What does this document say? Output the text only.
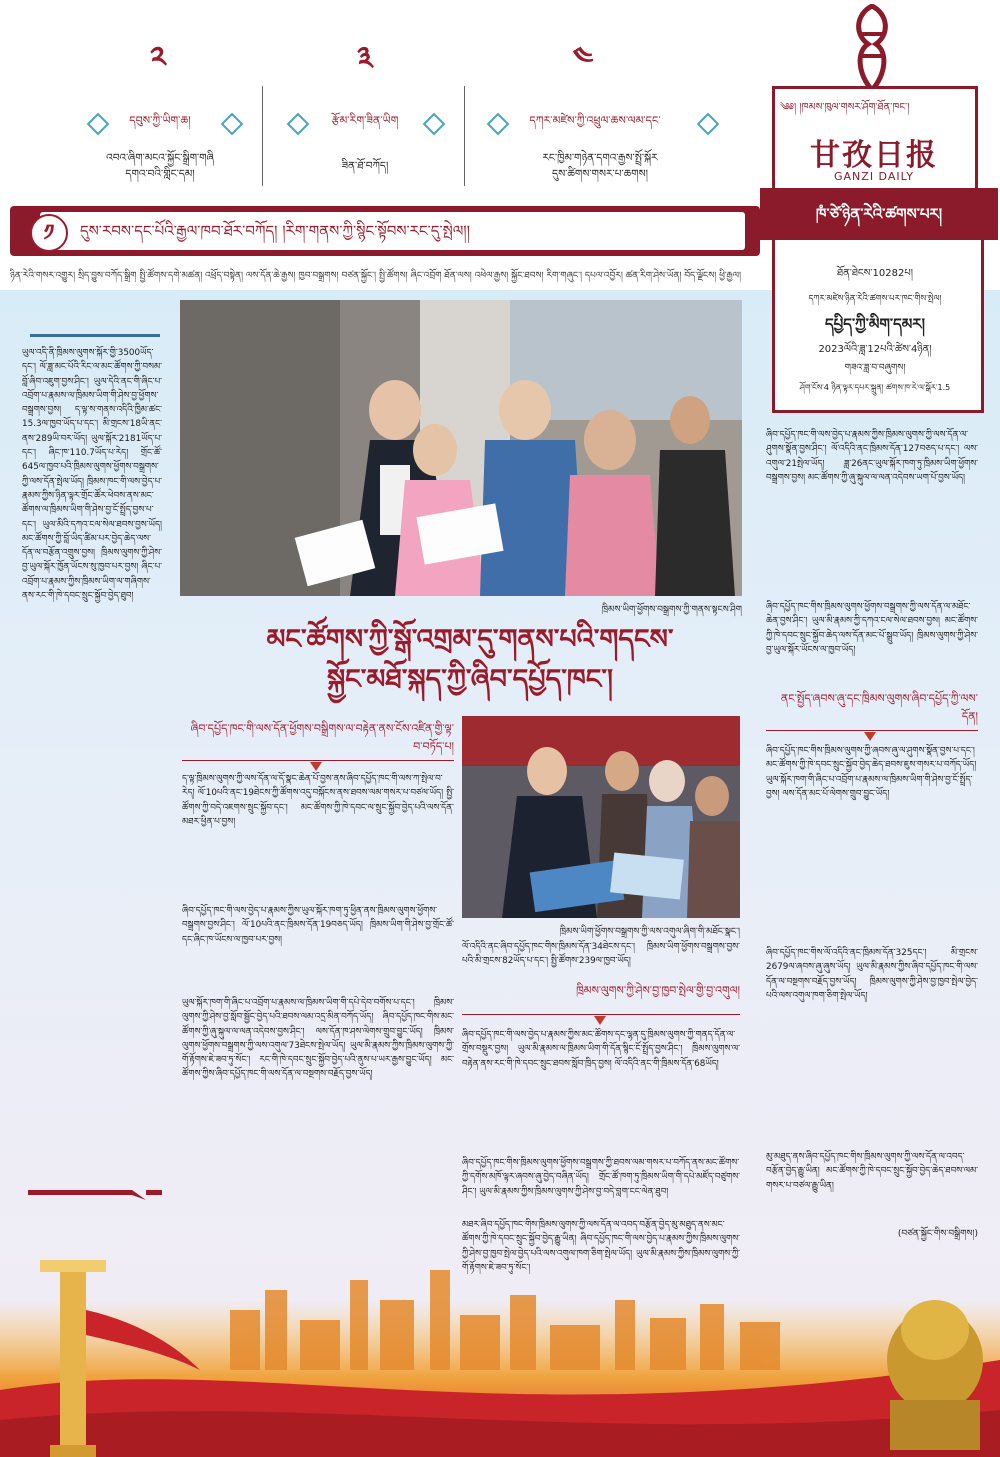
༢
དབུས་ཀྱི་ཡིག་ཆ།
འབའ་ཞིག་མངའ་སྐྱོང་སྒྲིག་གཞི
དགའ་བའི་གླིང་དམ།
༣
རྩོམ་རིག་ཟིན་ཡིག
ཟིན་ཐོ་བཀོད།
༤
དཀར་མཛེས་ཀྱི་འཕྲུལ་ཆས་ལམ་དང་
རང་ཁྱིམ་གཉེན་དགའ་རྒྱས་སྤྲོ་སྐོར
དུས་ཚིགས་གསར་པ་ཆགས།
༄༅། །ཁམས་ཁུལ་གསར་ཤོག་ཐོན་ཁང་།
甘孜日报
GANZI DAILY
ཁཾ་ཙེ་ཉིན་རེའི་ཚགས་པར།
ཐོན་ཐེངས་10282པ།
དཀར་མཛེས་ཉིན་རེའི་ཚགས་པར་ཁང་གིས་སྤེལ།
དཔྱིད་ཀྱི་མིག་དམར།
2023ལོའི་ཟླ་12པའི་ཚེས་4ཉིན།
གཟའ་ཟླ་བ་བཞུགས།
ཤོག་ངོས་4 ཉིན་ལྟར་དཔར་སྐྲུན། ཚགས་ཁ་རེ་ལ་སྒོར་1.5
༡	དུས་རབས་དང་པོའི་རྒྱལ་ཁབ་ཐོར་བཀོད། །རིག་གནས་ཀྱི་སྙིང་སྟོབས་རང་དུ་སྤེལ།།
ཉིན་རེའི་གསར་འགྱུར། སྲིད་བྱུས་བཀོད་སྒྲིག སྤྱི་ཚོགས་དགེ་མཚན། འཕྲོད་བསྟེན། ལས་དོན་ཆེ་རྒྱས། ཁྱབ་བསྒྲགས། བཙན་སྐྱོང་། སྤྱི་ཚོགས། ཞིང་འབྲོག ཐོན་ལས། འཕེལ་རྒྱས། སྐྱོང་ཐབས། རིག་གཞུང་། དཔལ་འབྱོར། ཚན་རིག་ཤེས་ཡོན། བོད་ལྗོངས། ཕྱི་རྒྱལ།
ཡུལ་འདི་ནི་ཁྲིམས་ལུགས་སྐོར་གྱི་3500ཡོད་དང་། ལོ་ཟླ་མང་པོའི་རིང་ལ་མང་ཚོགས་ཀྱི་བསམ་བློ་ཞིབ་འཇུག་བྱས་ཤིང་། ཡུལ་དེའི་ནང་གི་ཞིང་པ་འབྲོག་པ་རྣམས་ལ་ཁྲིམས་ཡིག་གི་ཤེས་བྱ་ཕྱོགས་བསྒྲགས་བྱས། ད་ལྟ་ས་གནས་འདིའི་ཁྱིམ་ཚང་15.3ལ་ཁྱབ་ཡོད་པ་དང་། མི་གྲངས་18ཡི་ནང་ནས་289ཡི་བར་ཡོད། ཡུལ་སྐོར་2181ཡོད་པ་དང་། ཞིང་ཁ་110.7ཡོད་པ་རེད། གྲོང་ཚོ་645ལ་ཁྱབ་པའི་ཁྲིམས་ལུགས་ཕྱོགས་བསྒྲགས་ཀྱི་ལས་དོན་སྤེལ་ཡོད། ཁྲིམས་ཁང་གི་ལས་བྱེད་པ་རྣམས་ཀྱིས་ཉིན་ལྟར་གྲོང་ཚོར་ཕེབས་ནས་མང་ཚོགས་ལ་ཁྲིམས་ཡིག་གི་ཤེས་བྱ་ངོ་སྤྲོད་བྱས་པ་དང་། ཡུལ་མིའི་དཀའ་ངལ་སེལ་ཐབས་བྱས་ཡོད། མང་ཚོགས་ཀྱི་བློ་ཡིད་ཚིམ་པར་བྱེད་ཆེད་ལས་དོན་ལ་བརྩོན་འགྲུས་བྱས། ཁྲིམས་ལུགས་ཀྱི་ཤེས་བྱ་ཡུལ་སྐོར་ཁྱོན་ཡོངས་སུ་ཁྱབ་པར་བྱས། ཞིང་པ་འབྲོག་པ་རྣམས་ཀྱིས་ཁྲིམས་ཡིག་ལ་གཞིགས་ནས་རང་གི་ཁེ་དབང་སྲུང་སྐྱོབ་བྱེད་ཐུབ།
ཁྲིམས་ཡིག་ཕྱོགས་བསྒྲགས་ཀྱི་གནས་སྟངས་ཤིག
མང་ཚོགས་ཀྱི་སྒོ་འགྲམ་དུ་གནས་པའི་གདངས་
སྐྱོང་མཐོ་སྐད་ཀྱི་ཞིབ་དཔྱོད་ཁང་།
ཞིབ་དཔྱོད་ཁང་གི་ལས་དོན་ཕྱོགས་བསྒྲིགས་ལ་བརྟེན་ནས་ངོས་འཛིན་གྱི་ལྟ་བ་བཏོད་པ།
ད་ལྟ་ཁྲིམས་ལུགས་ཀྱི་ལས་དོན་ལ་དོ་སྣང་ཆེན་པོ་བྱས་ནས་ཞིབ་དཔྱོད་ཁང་གི་ལས་ཀ་སྤེལ་བ་རེད། ལོ་10པའི་ནང་19ཐེངས་ཀྱི་ཚོགས་འདུ་བསྐོངས་ནས་ཐབས་ལམ་གསར་པ་བཙལ་ཡོད། སྤྱི་ཚོགས་ཀྱི་བདེ་འཇགས་སྲུང་སྐྱོབ་དང་། མང་ཚོགས་ཀྱི་ཁེ་དབང་ལ་སྲུང་སྐྱོབ་བྱེད་པའི་ལས་དོན་མཐར་ཕྱིན་པ་བྱས།
ཞིབ་དཔྱོད་ཁང་གི་ལས་བྱེད་པ་རྣམས་ཀྱིས་ཡུལ་སྐོར་ཁག་ཏུ་ཕྱིན་ནས་ཁྲིམས་ལུགས་ཕྱོགས་བསྒྲགས་བྱས་ཤིང་། ལོ་10པའི་ནང་ཁྲིམས་དོན་19བཅད་ཡོད། ཁྲིམས་ཡིག་གི་ཤེས་བྱ་གྲོང་ཚོ་དང་ཞིང་ཁ་ཡོངས་ལ་ཁྱབ་པར་བྱས།
ཡུལ་སྐོར་ཁག་གི་ཞིང་པ་འབྲོག་པ་རྣམས་ལ་ཁྲིམས་ཡིག་གི་དཔེ་དེབ་བགོས་པ་དང་། ཁྲིམས་ལུགས་ཀྱི་ཤེས་བྱ་སློབ་སྦྱོང་བྱེད་པའི་ཐབས་ལམ་འདྲ་མིན་བཀོད་ཡོད། ཞིབ་དཔྱོད་ཁང་གིས་མང་ཚོགས་ཀྱི་ཞུ་སྐུལ་ལ་ལན་འདེབས་བྱས་ཤིང་། ལས་དོན་ཁ་ཤས་ལེགས་གྲུབ་བྱུང་ཡོད། ཁྲིམས་ལུགས་ཕྱོགས་བསྒྲགས་ཀྱི་ལས་འགུལ་73ཐེངས་སྤེལ་ཡོད། ཡུལ་མི་རྣམས་ཀྱིས་ཁྲིམས་ལུགས་ཀྱི་གོ་རྟོགས་ཇེ་ཟབ་ཏུ་སོང་། རང་གི་ཁེ་དབང་སྲུང་སྐྱོབ་བྱེད་པའི་ནུས་པ་ཡར་རྒྱས་བྱུང་ཡོད། མང་ཚོགས་ཀྱིས་ཞིབ་དཔྱོད་ཁང་གི་ལས་དོན་ལ་བསྔགས་བརྗོད་བྱས་ཡོད།
ཁྲིམས་ཡིག་ཕྱོགས་བསྒྲགས་ཀྱི་ལས་འགུལ་ཞིག་གི་མཐོང་སྣང་།
ལོ་འདིའི་ནང་ཞིབ་དཔྱོད་ཁང་གིས་ཁྲིམས་དོན་34ཐེངས་དང་། ཁྲིམས་ཡིག་ཕྱོགས་བསྒྲགས་བྱས་པའི་མི་གྲངས་82ཡོད་པ་དང་། སྤྱི་ཚོགས་239ལ་ཁྱབ་ཡོད།
ཁྲིམས་ལུགས་ཀྱི་ཤེས་བྱ་ཁྱབ་སྤེལ་གྱི་བྱ་འགུལ།
ཞིབ་དཔྱོད་ཁང་གི་ལས་བྱེད་པ་རྣམས་ཀྱིས་མང་ཚོགས་དང་ལྷན་དུ་ཁྲིམས་ལུགས་ཀྱི་གནད་དོན་ལ་གྲོས་བསྡུར་བྱས། ཡུལ་མི་རྣམས་ལ་ཁྲིམས་ཡིག་གི་དོན་སྙིང་ངོ་སྤྲོད་བྱས་ཤིང་། ཁྲིམས་ལུགས་ལ་བརྟེན་ནས་རང་གི་ཁེ་དབང་སྲུང་ཐབས་སློབ་ཁྲིད་བྱས། ལོ་འདིའི་ནང་གི་ཁྲིམས་དོན་68ཡོད།
ཞིབ་དཔྱོད་ཁང་གིས་ཁྲིམས་ལུགས་ཕྱོགས་བསྒྲགས་ཀྱི་ཐབས་ལམ་གསར་པ་བཀོད་ནས་མང་ཚོགས་ཀྱི་དགོས་མཁོ་ལྟར་ཞབས་ཞུ་བྱེད་བཞིན་ཡོད། གྲོང་ཚོ་ཁག་ཏུ་ཁྲིམས་ཡིག་གི་དཔེ་མཛོད་བཙུགས་ཤིང་། ཡུལ་མི་རྣམས་ཀྱིས་ཁྲིམས་ལུགས་ཀྱི་ཤེས་བྱ་བདེ་བླག་ངང་ལེན་ཐུབ།
མཐར་ཞིབ་དཔྱོད་ཁང་གིས་ཁྲིམས་ལུགས་ཀྱི་ལས་དོན་ལ་འབད་བརྩོན་བྱེད་མུ་མཐུད་ནས་མང་ཚོགས་ཀྱི་ཁེ་དབང་སྲུང་སྐྱོབ་བྱེད་རྒྱུ་ཡིན། ཞིབ་དཔྱོད་ཁང་གི་ལས་བྱེད་པ་རྣམས་ཀྱིས་ཁྲིམས་ལུགས་ཀྱི་ཤེས་བྱ་ཁྱབ་སྤེལ་བྱེད་པའི་ལས་འགུལ་ཁག་ཅིག་སྤེལ་ཡོད། ཡུལ་མི་རྣམས་ཀྱིས་ཁྲིམས་ལུགས་ཀྱི་གོ་རྟོགས་ཇེ་ཟབ་ཏུ་སོང་།
ཞིབ་དཔྱོད་ཁང་གི་ལས་བྱེད་པ་རྣམས་ཀྱིས་ཁྲིམས་ལུགས་ཀྱི་ལས་དོན་ལ་ཤུགས་སྣོན་བྱས་ཤིང་། ལོ་འདིའི་ནང་ཁྲིམས་དོན་127བཅད་པ་དང་། ལས་འགུལ་21སྤེལ་ཡོད། ཟླ་26ནང་ཡུལ་སྐོར་ཁག་ཏུ་ཁྲིམས་ཡིག་ཕྱོགས་བསྒྲགས་བྱས། མང་ཚོགས་ཀྱི་ཞུ་སྐུལ་ལ་ལན་འདེབས་ཡག་པོ་བྱས་ཡོད།
ཞིབ་དཔྱོད་ཁང་གིས་ཁྲིམས་ལུགས་ཕྱོགས་བསྒྲགས་ཀྱི་ལས་དོན་ལ་མཐོང་ཆེན་བྱས་ཤིང་། ཡུལ་མི་རྣམས་ཀྱི་དཀའ་ངལ་སེལ་ཐབས་བྱས། མང་ཚོགས་ཀྱི་ཁེ་དབང་སྲུང་སྐྱོབ་ཆེད་ལས་དོན་མང་པོ་སྒྲུབ་ཡོད། ཁྲིམས་ལུགས་ཀྱི་ཤེས་བྱ་ཡུལ་སྐོར་ཡོངས་ལ་ཁྱབ་ཡོད།
ནང་སྤྱོད་ཞབས་ཞུ་དང་ཁྲིམས་ལུགས་ཞིབ་དཔྱོད་ཀྱི་ལས་དོན།
ཞིབ་དཔྱོད་ཁང་གིས་ཁྲིམས་ལུགས་ཀྱི་ཞབས་ཞུ་ལ་ཤུགས་སྣོན་བྱས་པ་དང་། མང་ཚོགས་ཀྱི་ཁེ་དབང་སྲུང་སྐྱོབ་བྱེད་ཆེད་ཐབས་ཇུས་གསར་པ་བཀོད་ཡོད། ཡུལ་སྐོར་ཁག་གི་ཞིང་པ་འབྲོག་པ་རྣམས་ལ་ཁྲིམས་ཡིག་གི་ཤེས་བྱ་ངོ་སྤྲོད་བྱས། ལས་དོན་མང་པོ་ལེགས་གྲུབ་བྱུང་ཡོད།
ཞིབ་དཔྱོད་ཁང་གིས་ལོ་འདིའི་ནང་ཁྲིམས་དོན་325དང་། མི་གྲངས་2679ལ་ཞབས་ཞུ་ཞུས་ཡོད། ཡུལ་མི་རྣམས་ཀྱིས་ཞིབ་དཔྱོད་ཁང་གི་ལས་དོན་ལ་བསྔགས་བརྗོད་བྱས་ཡོད། ཁྲིམས་ལུགས་ཀྱི་ཤེས་བྱ་ཁྱབ་སྤེལ་བྱེད་པའི་ལས་འགུལ་ཁག་ཅིག་སྤེལ་ཡོད།
མུ་མཐུད་ནས་ཞིབ་དཔྱོད་ཁང་གིས་ཁྲིམས་ལུགས་ཀྱི་ལས་དོན་ལ་འབད་བརྩོན་བྱེད་རྒྱུ་ཡིན། མང་ཚོགས་ཀྱི་ཁེ་དབང་སྲུང་སྐྱོབ་བྱེད་ཆེད་ཐབས་ལམ་གསར་པ་བཙལ་རྒྱུ་ཡིན།
(བཙན་སྐྱོང་གིས་བསྒྲིགས།)
